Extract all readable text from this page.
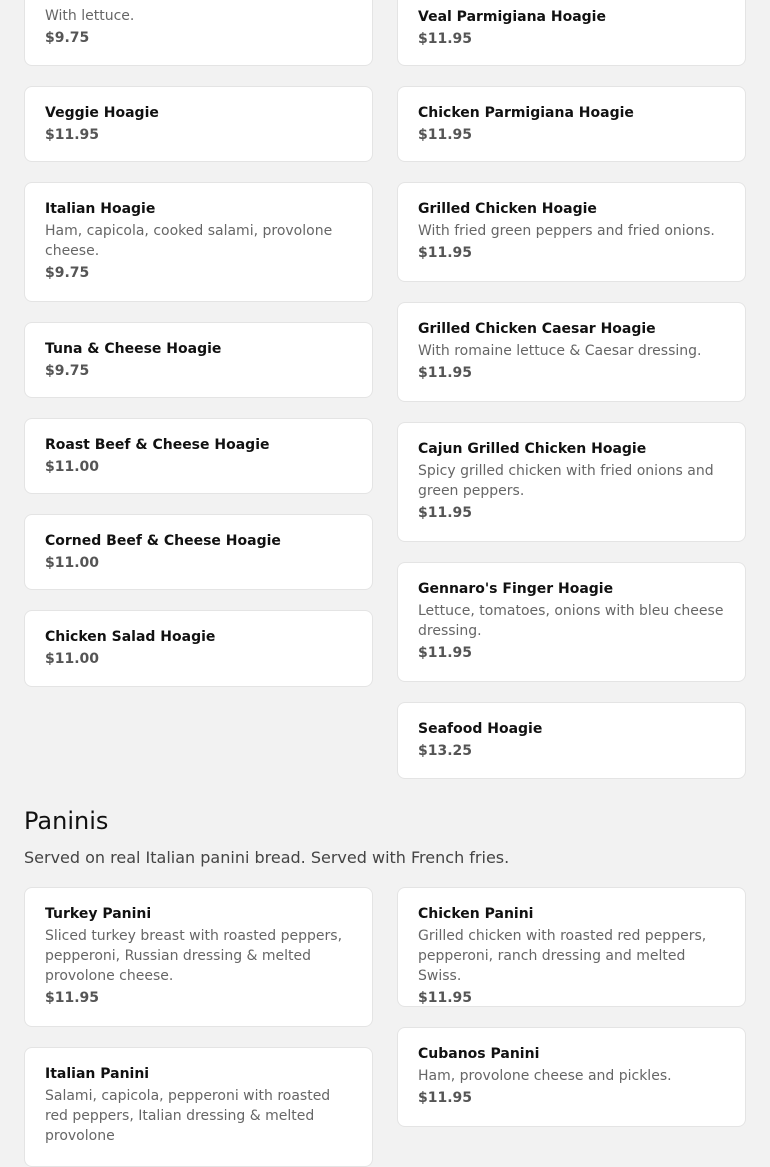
With lettuce.
$9.75
Veggie Hoagie
$11.95
Italian Hoagie
Ham, capicola, cooked salami, provolone cheese.
$9.75
Tuna & Cheese Hoagie
$9.75
Roast Beef & Cheese Hoagie
$11.00
Corned Beef & Cheese Hoagie
$11.00
Chicken Salad Hoagie
$11.00
Veal Parmigiana Hoagie
$11.95
Chicken Parmigiana Hoagie
$11.95
Grilled Chicken Hoagie
With fried green peppers and fried onions.
$11.95
Grilled Chicken Caesar Hoagie
With romaine lettuce & Caesar dressing.
$11.95
Cajun Grilled Chicken Hoagie
Spicy grilled chicken with fried onions and green peppers.
$11.95
Gennaro's Finger Hoagie
Lettuce, tomatoes, onions with bleu cheese dressing.
$11.95
Seafood Hoagie
$13.25
Paninis
Served on real Italian panini bread. Served with French fries.
Turkey Panini
Sliced turkey breast with roasted peppers, pepperoni, Russian dressing & melted provolone cheese.
$11.95
Italian Panini
Salami, capicola, pepperoni with roasted red peppers, Italian dressing & melted provolone
Chicken Panini
Grilled chicken with roasted red peppers, pepperoni, ranch dressing and melted Swiss.
$11.95
Cubanos Panini
Ham, provolone cheese and pickles.
$11.95
